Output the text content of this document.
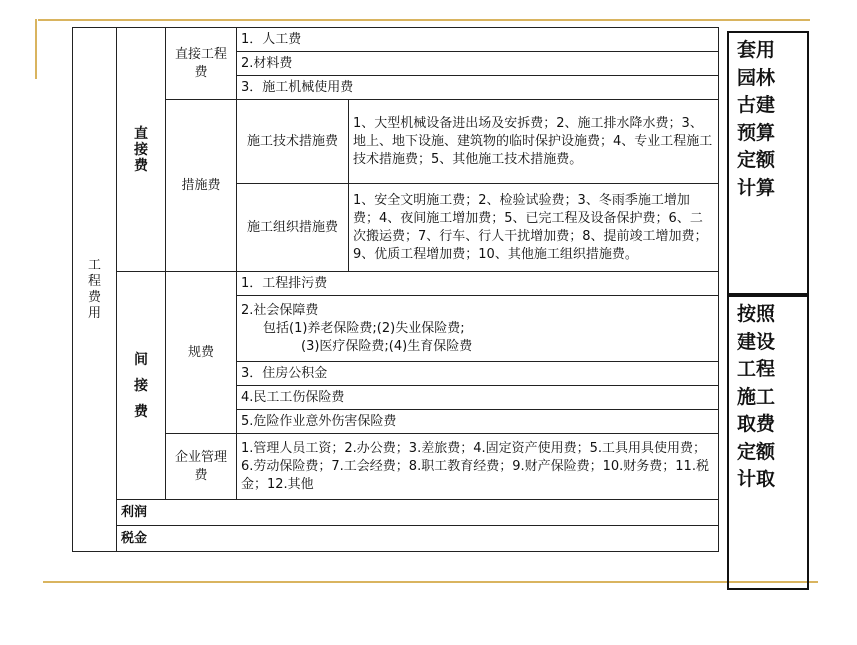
工程费用	直接费	直接工程费	1．人工费	
			2.材料费	
			3．施工机械使用费	
		措施费	施工技术措施费	1、大型机械设备进出场及安拆费；2、施工排水降水费；3、地上、地下设施、建筑物的临时保护设施费；4、专业工程施工技术措施费；5、其他施工技术措施费。
			施工组织措施费	1、安全文明施工费；2、检验试验费；3、冬雨季施工增加费；4、夜间施工增加费；5、已完工程及设备保护费；6、二次搬运费；7、行车、行人干扰增加费；8、提前竣工增加费；9、优质工程增加费；10、其他施工组织措施费。

	间接费	规费	1．工程排污费	

			2.社会保障费
包括(1)养老保险费;(2)失业保险费;
(3)医疗保险费;(4)生育保险费	

			3．住房公积金	
			4.民工工伤保险费	
			5.危险作业意外伤害保险费	

		企业管理费	1.管理人员工资；2.办公费；3.差旅费；4.固定资产使用费；5.工具用具使用费；6.劳动保险费；7.工会经费；8.职工教育经费；9.财产保险费；10.财务费；11.税金；12.其他	

	利润			
	税金			
套用
园林
古建
预算
定额
计算
按照
建设
工程
施工
取费
定额
计取
